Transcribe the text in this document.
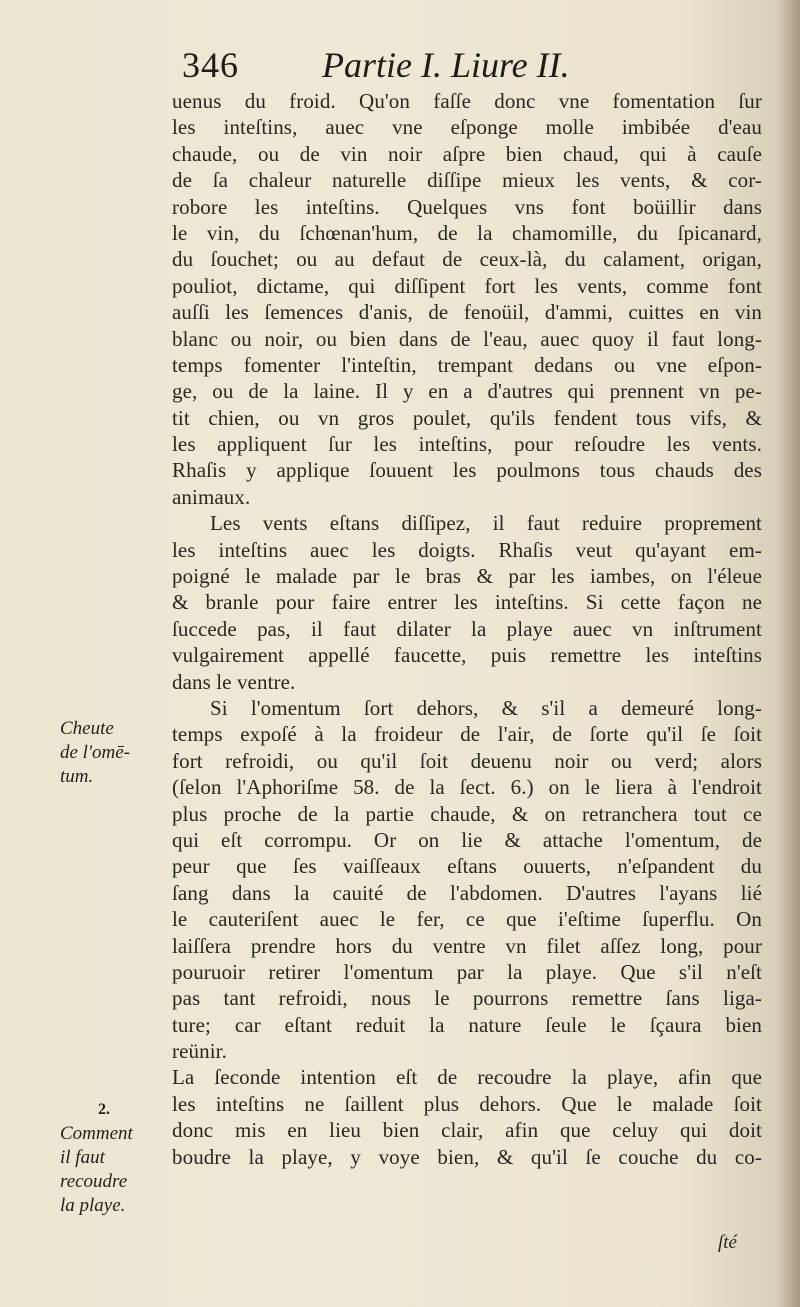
346 Partie I. Liure II.
uenus du froid. Qu'on faſſe donc vne fomentation ſur
les inteſtins, auec vne eſponge molle imbibée d'eau
chaude, ou de vin noir aſpre bien chaud, qui à cauſe
de ſa chaleur naturelle diſſipe mieux les vents, & cor-
robore les inteſtins. Quelques vns font boüillir dans
le vin, du ſchœnan'hum, de la chamomille, du ſpicanard,
du ſouchet; ou au defaut de ceux-là, du calament, origan,
pouliot, dictame, qui diſſipent fort les vents, comme font
auſſi les ſemences d'anis, de fenoüil, d'ammi, cuittes en vin
blanc ou noir, ou bien dans de l'eau, auec quoy il faut long-
temps fomenter l'inteſtin, trempant dedans ou vne eſpon-
ge, ou de la laine. Il y en a d'autres qui prennent vn pe-
tit chien, ou vn gros poulet, qu'ils fendent tous vifs, &
les appliquent ſur les inteſtins, pour reſoudre les vents.
Rhaſis y applique ſouuent les poulmons tous chauds des
animaux.
Les vents eſtans diſſipez, il faut reduire proprement
les inteſtins auec les doigts. Rhaſis veut qu'ayant em-
poigné le malade par le bras & par les iambes, on l'éleue
& branle pour faire entrer les inteſtins. Si cette façon ne
ſuccede pas, il faut dilater la playe auec vn inſtrument
vulgairement appellé faucette, puis remettre les inteſtins
dans le ventre.
Si l'omentum ſort dehors, & s'il a demeuré long-
temps expoſé à la froideur de l'air, de ſorte qu'il ſe ſoit
fort refroidi, ou qu'il ſoit deuenu noir ou verd; alors
(ſelon l'Aphoriſme 58. de la ſect. 6.) on le liera à l'endroit
plus proche de la partie chaude, & on retranchera tout ce
qui eſt corrompu. Or on lie & attache l'omentum, de
peur que ſes vaiſſeaux eſtans ouuerts, n'eſpandent du
ſang dans la cauité de l'abdomen. D'autres l'ayans lié
le cauteriſent auec le fer, ce que i'eſtime ſuperflu. On
laiſſera prendre hors du ventre vn filet aſſez long, pour
pouruoir retirer l'omentum par la playe. Que s'il n'eſt
pas tant refroidi, nous le pourrons remettre ſans liga-
ture; car eſtant reduit la nature ſeule le ſçaura bien
reünir.
La ſeconde intention eſt de recoudre la playe, afin que
les inteſtins ne ſaillent plus dehors. Que le malade ſoit
donc mis en lieu bien clair, afin que celuy qui doit
boudre la playe, y voye bien, & qu'il ſe couche du co-
Cheute
de l'omē-
tum.
2.
Comment
il faut
recoudre
la playe.
ſté
